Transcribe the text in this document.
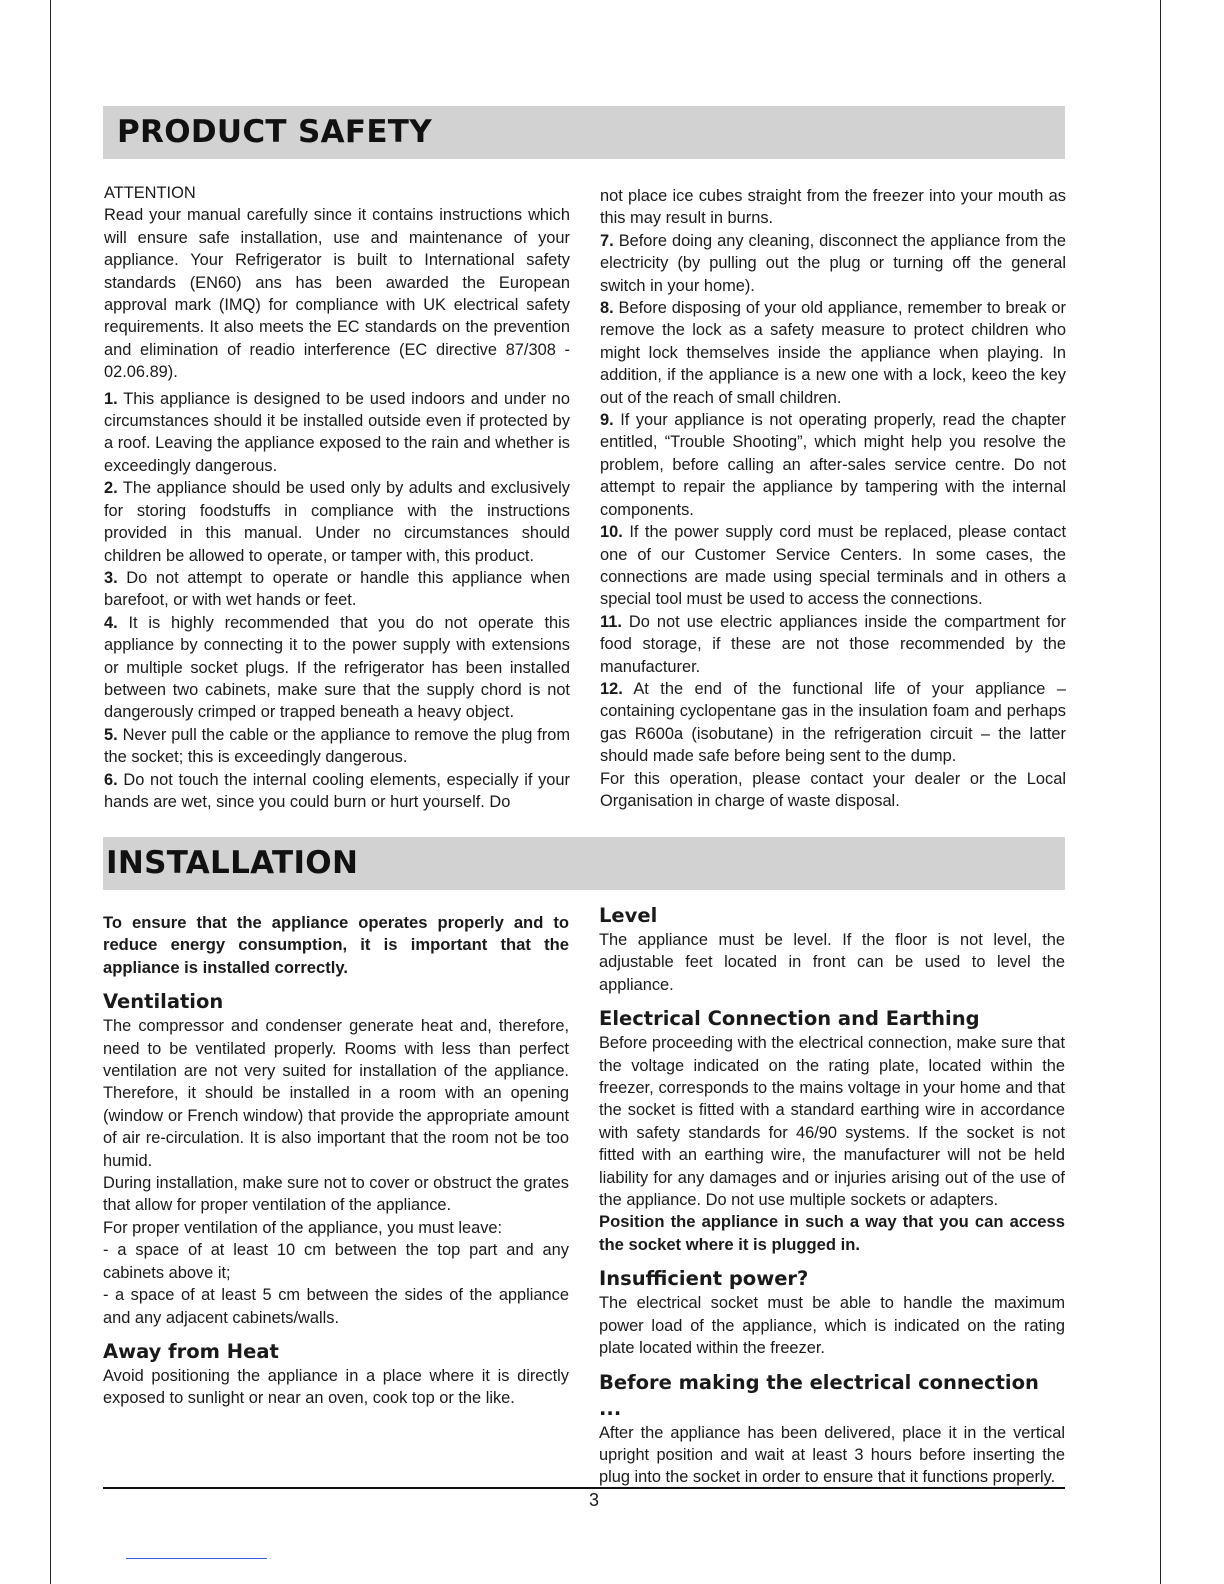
PRODUCT SAFETY

ATTENTION

Read your manual carefully since it contains instructions which will ensure safe installation, use and maintenance of your appliance. Your Refrigerator is built to International safety standards (EN60) ans has been awarded the European approval mark (IMQ) for compliance with UK electrical safety requirements. It also meets the EC standards on the prevention and elimination of readio interference (EC directive 87/308 - 02.06.89).

1. This appliance is designed to be used indoors and under no circumstances should it be installed outside even if protected by a roof. Leaving the appliance exposed to the rain and whether is exceedingly dangerous.

2. The appliance should be used only by adults and exclusively for storing foodstuffs in compliance with the instructions provided in this manual. Under no circumstances should children be allowed to operate, or tamper with, this product.

3. Do not attempt to operate or handle this appliance when barefoot, or with wet hands or feet.

4. It is highly recommended that you do not operate this appliance by connecting it to the power supply with extensions or multiple socket plugs. If the refrigerator has been installed between two cabinets, make sure that the supply chord is not dangerously crimped or trapped beneath a heavy object.

5. Never pull the cable or the appliance to remove the plug from the socket; this is exceedingly dangerous.

6. Do not touch the internal cooling elements, especially if your hands are wet, since you could burn or hurt yourself. Do

not place ice cubes straight from the freezer into your mouth as this may result in burns.

7. Before doing any cleaning, disconnect the appliance from the electricity (by pulling out the plug or turning off the general switch in your home).

8. Before disposing of your old appliance, remember to break or remove the lock as a safety measure to protect children who might lock themselves inside the appliance when playing. In addition, if the appliance is a new one with a lock, keeo the key out of the reach of small children.

9. If your appliance is not operating properly, read the chapter entitled, “Trouble Shooting”, which might help you resolve the problem, before calling an after-sales service centre. Do not attempt to repair the appliance by tampering with the internal components.

10. If the power supply cord must be replaced, please contact one of our Customer Service Centers. In some cases, the connections are made using special terminals and in others a special tool must be used to access the connections.

11. Do not use electric appliances inside the compartment for food storage, if these are not those recommended by the manufacturer.

12. At the end of the functional life of your appliance – containing cyclopentane gas in the insulation foam and perhaps gas R600a (isobutane) in the refrigeration circuit – the latter should made safe before being sent to the dump.

For this operation, please contact your dealer or the Local Organisation in charge of waste disposal.

INSTALLATION

To ensure that the appliance operates properly and to reduce energy consumption, it is important that the appliance is installed correctly.

Ventilation

The compressor and condenser generate heat and, therefore, need to be ventilated properly. Rooms with less than perfect ventilation are not very suited for installation of the appliance. Therefore, it should be installed in a room with an opening (window or French window) that provide the appropriate amount of air re-circulation. It is also important that the room not be too humid.

During installation, make sure not to cover or obstruct the grates that allow for proper ventilation of the appliance.

For proper ventilation of the appliance, you must leave:

- a space of at least 10 cm between the top part and any cabinets above it;

- a space of at least 5 cm between the sides of the appliance and any adjacent cabinets/walls.

Away from Heat

Avoid positioning the appliance in a place where it is directly exposed to sunlight or near an oven, cook top or the like.

Level

The appliance must be level. If the floor is not level, the adjustable feet located in front can be used to level the appliance.

Electrical Connection and Earthing

Before proceeding with the electrical connection, make sure that the voltage indicated on the rating plate, located within the freezer, corresponds to the mains voltage in your home and that the socket is fitted with a standard earthing wire in accordance with safety standards for 46/90 systems. If the socket is not fitted with an earthing wire, the manufacturer will not be held liability for any damages and or injuries arising out of the use of the appliance. Do not use multiple sockets or adapters.

Position the appliance in such a way that you can access the socket where it is plugged in.

Insufficient power?

The electrical socket must be able to handle the maximum power load of the appliance, which is indicated on the rating plate located within the freezer.

Before making the electrical connection ...

After the appliance has been delivered, place it in the vertical upright position and wait at least 3 hours before inserting the plug into the socket in order to ensure that it functions properly.

3
